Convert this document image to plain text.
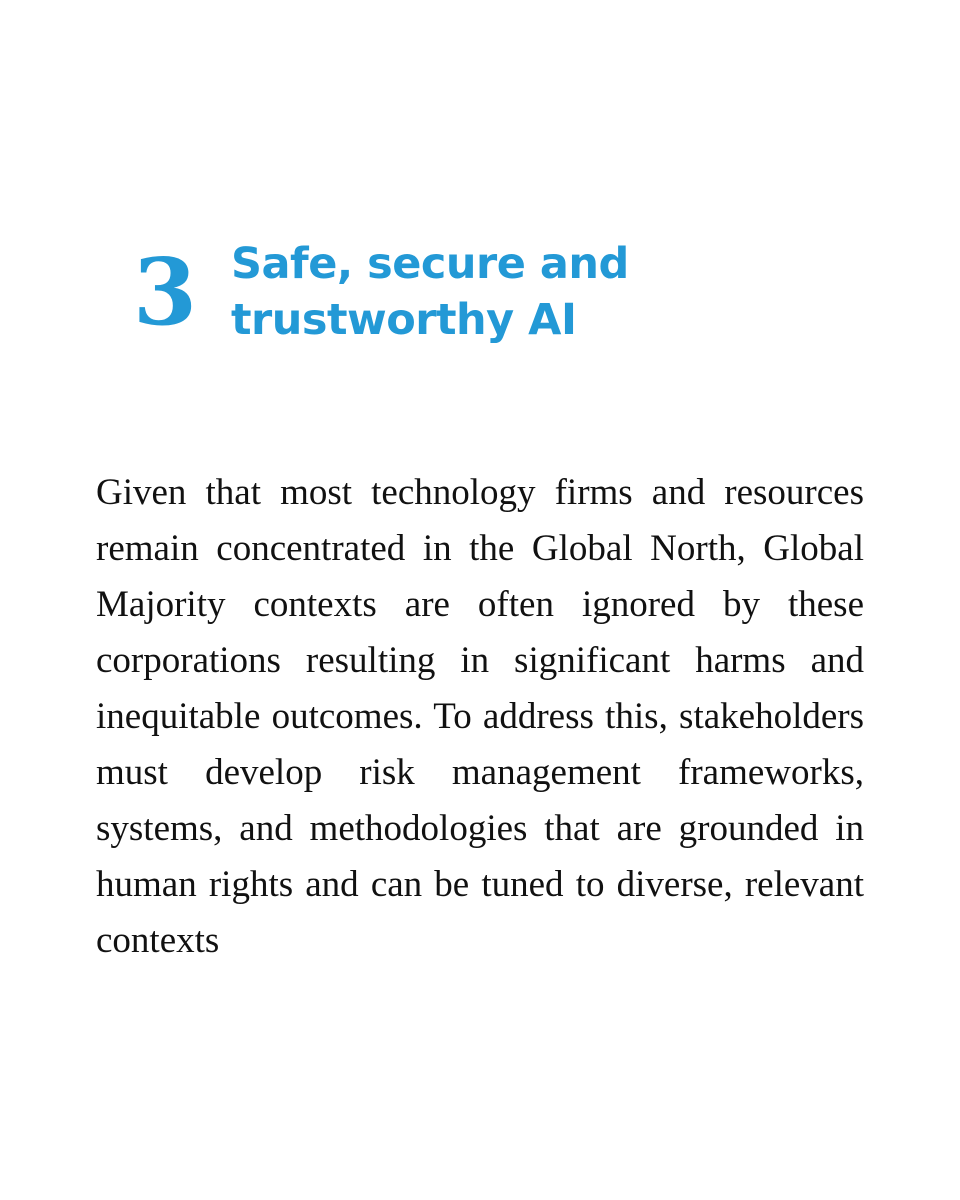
3 Safe, secure and trustworthy AI

Given that most technology firms and resources remain concentrated in the Global North, Global Majority contexts are often ignored by these corporations resulting in significant harms and inequitable outcomes. To address this, stakeholders must develop risk management frameworks, systems, and methodologies that are grounded in human rights and can be tuned to diverse, relevant contexts
